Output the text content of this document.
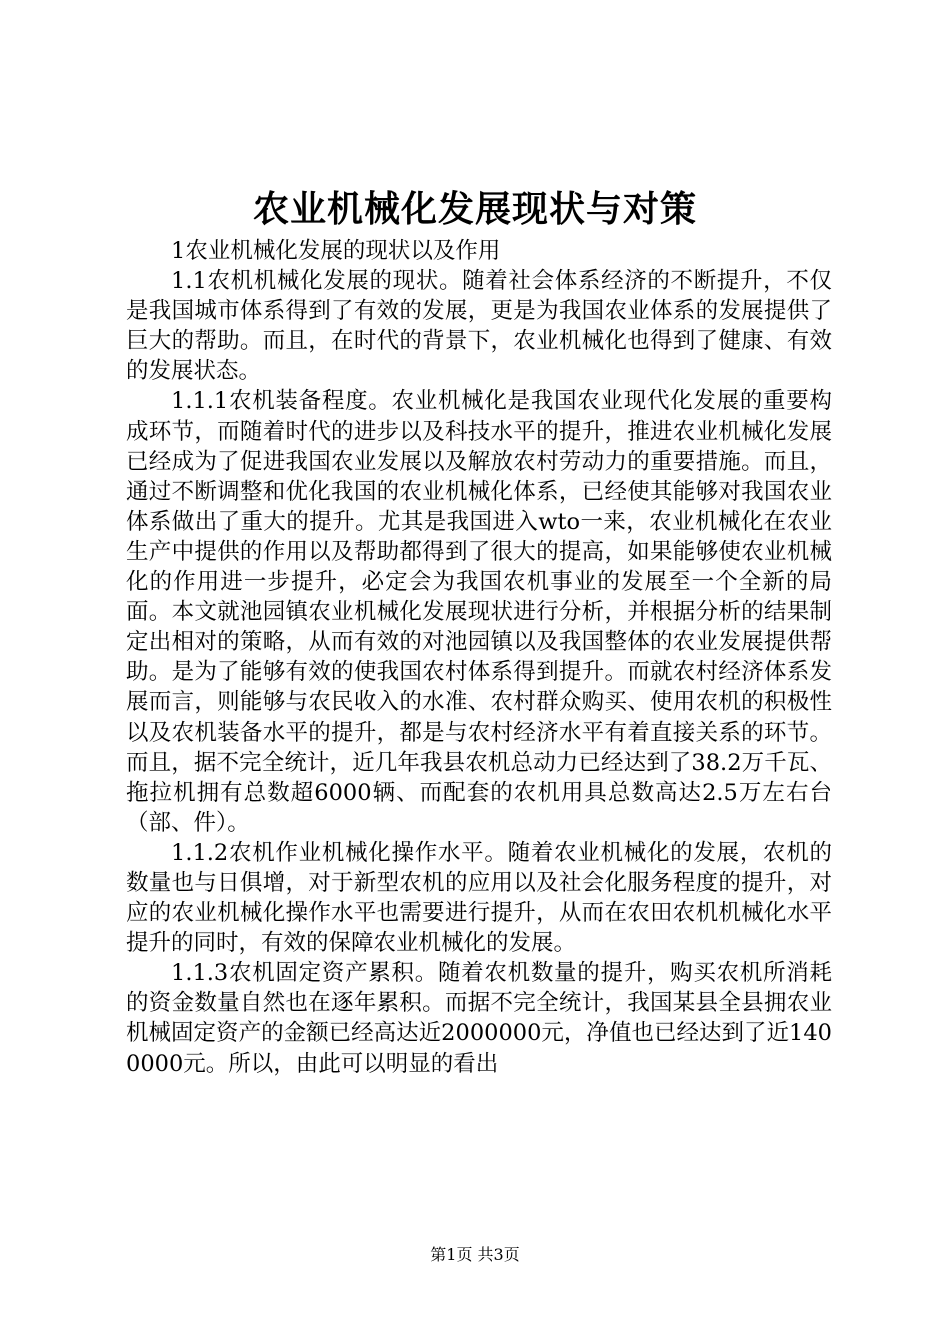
农业机械化发展现状与对策

1农业机械化发展的现状以及作用

1.1农机机械化发展的现状。随着社会体系经济的不断提升，不仅是我国城市体系得到了有效的发展，更是为我国农业体系的发展提供了巨大的帮助。而且，在时代的背景下，农业机械化也得到了健康、有效的发展状态。

1.1.1农机装备程度。农业机械化是我国农业现代化发展的重要构成环节，而随着时代的进步以及科技水平的提升，推进农业机械化发展已经成为了促进我国农业发展以及解放农村劳动力的重要措施。而且，通过不断调整和优化我国的农业机械化体系，已经使其能够对我国农业体系做出了重大的提升。尤其是我国进入wto一来，农业机械化在农业生产中提供的作用以及帮助都得到了很大的提高，如果能够使农业机械化的作用进一步提升，必定会为我国农机事业的发展至一个全新的局面。本文就池园镇农业机械化发展现状进行分析，并根据分析的结果制定出相对的策略，从而有效的对池园镇以及我国整体的农业发展提供帮助。是为了能够有效的使我国农村体系得到提升。而就农村经济体系发展而言，则能够与农民收入的水准、农村群众购买、使用农机的积极性以及农机装备水平的提升，都是与农村经济水平有着直接关系的环节。而且，据不完全统计，近几年我县农机总动力已经达到了38.2万千瓦、拖拉机拥有总数超6000辆、而配套的农机用具总数高达2.5万左右台（部、件）。

1.1.2农机作业机械化操作水平。随着农业机械化的发展，农机的数量也与日俱增，对于新型农机的应用以及社会化服务程度的提升，对应的农业机械化操作水平也需要进行提升，从而在农田农机机械化水平提升的同时，有效的保障农业机械化的发展。

1.1.3农机固定资产累积。随着农机数量的提升，购买农机所消耗的资金数量自然也在逐年累积。而据不完全统计，我国某县全县拥农业机械固定资产的金额已经高达近2000000元，净值也已经达到了近1400000元。所以，由此可以明显的看出

第1页 共3页
